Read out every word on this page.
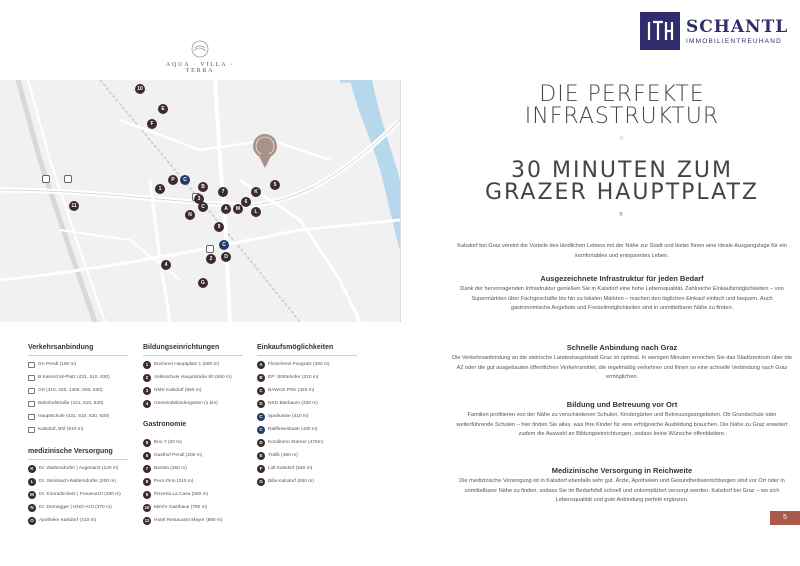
SCHANTL
IMMOBILIENTREUHAND
AQUA · VILLA · TERRA
10
E
F
1
P	C
B
7	K
5
11
3
N
C	A	M
6
L
9
2	D
4
G
C
DIE PERFEKTE
INFRASTRUKTUR
®
30 MINUTEN ZUM
GRAZER HAUPTPLATZ
®
Kalsdorf bei Graz vereint die Vorteile des ländlichen Lebens mit der Nähe zur Stadt und bietet Ihnen eine ideale Ausgangslage für ein komfortables und entspanntes Leben.
Ausgezeichnete Infrastruktur für jeden Bedarf
Dank der hervorragenden Infrastruktur genießen Sie in Kalsdorf eine hohe Lebensqualität. Zahlreiche Einkaufsmöglichkeiten – von Supermärkten über Fachgeschäfte bis hin zu lokalen Märkten – machen den täglichen Einkauf einfach und bequem. Auch gastronomische Angebote und Freizeitmöglichkeiten sind in unmittelbarer Nähe zu finden.
Schnelle Anbindung nach Graz
Die Verkehrsanbindung an die steirische Landeshauptstadt Graz ist optimal. In wenigen Minuten erreichen Sie das Stadtzentrum über die A2 oder die gut ausgebauten öffentlichen Verkehrsmittel, die regelmäßig verkehren und Ihnen so eine schnelle Verbindung nach Graz ermöglichen.
Bildung und Betreuung vor Ort
Familien profitieren von der Nähe zu verschiedenen Schulen, Kindergärten und Betreuungsangeboten. Ob Grundschule oder weiterführende Schulen – hier finden Sie alles, was Ihre Kinder für eine erfolgreiche Ausbildung brauchen. Die Nähe zu Graz erweitert zudem die Auswahl an Bildungseinrichtungen, sodass keine Wünsche offenbleiben.
Medizinische Versorgung in Reichweite
Die medizinische Versorgung ist in Kalsdorf ebenfalls sehr gut. Ärzte, Apotheken und Gesundheitseinrichtungen sind vor Ort oder in unmittelbarer Nähe zu finden, sodass Sie im Bedarfsfall schnell und unkompliziert versorgt werden. Kalsdorf bei Graz – wo sich Lebensqualität und gute Anbindung perfekt ergänzen.
Verkehrsanbindung
GA Pendl (190 m)
B Kamschol-Platz (431, 510, 630)
Ort (410, 420, 1405, 600, 630)
Bahnhofstraße (421, 510, 630)
Hauptschule (431, 610, 620, 630)
Kalsdorf, Bhf (910 m)
medizinische Versorgung
K	Dr. Waltersdorfer | Augenarzt (130 m)
L	Dr. Steinbach-Waltersdorfer (200 m)
M	Dr. Konradschetz | Frauenarzt (290 m)
N	Dr. Dornegger | HNO-Arzt (370 m)
O	Apotheke Kalsdorf (410 m)
Bildungseinrichtungen
1	Bücherei Hauptplatz 1 (600 m)
2	Volksschule Hauptstraße 90 (650 m)
3	NMS Kalsdorf (650 m)
4	Gemeindekindergarten (1 km)
Gastronomie
5	Brio 7 (20 m)
6	Gasthof Pendl (200 m)
7	Barista (260 m)
8	Pecs Pinn (310 m)
9	Pizzeria La Casa (500 m)
10 Mimi's Gasthaus (760 m)
11 Hotel Restaurant Mayer (890 m)
Einkaufsmöglichkeiten
A	Fleischerei Pongratz (300 m)
B	EP: Stöttehofer (310 m)
C	BAWAG PSK (320 m)
D	NKD Bierbaum (330 m)
C	Sparkasse (410 m)
C	Raiffeisenbank (440 m)
D	Konditorei Starner (470m)
E	Trafik (480 m)
F	Lidl Kalsdorf (540 m)
G	Billa Kalsdorf (850 m)
5
